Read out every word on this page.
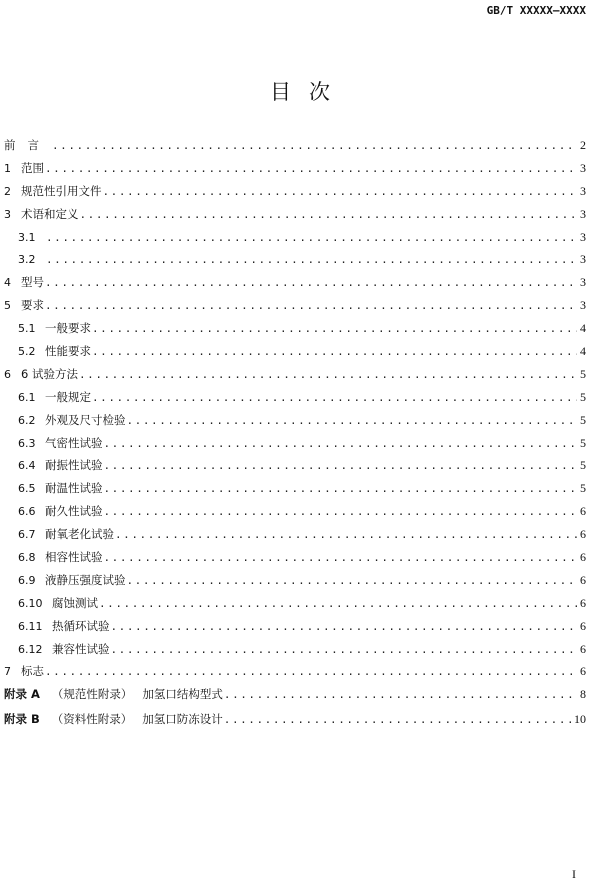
GB/T XXXXX—XXXX
目次
前言 .....	2
1 范围 .....	3
2 规范性引用文件 .....	3
3 术语和定义 .....	3
3.1 .....	3
3.2 .....	3
4 型号 .....	3
5 要求 .....	3
5.1 一般要求 .....	4
5.2 性能要求 .....	4
6 6 试验方法 .....	5
6.1 一般规定 .....	5
6.2 外观及尺寸检验 .....	5
6.3 气密性试验 .....	5
6.4 耐振性试验 .....	5
6.5 耐温性试验 .....	5
6.6 耐久性试验 .....	6
6.7 耐氧老化试验 .....	6
6.8 相容性试验 .....	6
6.9 液静压强度试验 .....	6
6.10 腐蚀测试 .....	6
6.11 热循环试验 .....	6
6.12 兼容性试验 .....	6
7 标志 .....	6
附录 A （规范性附录） 加氢口结构型式 .....	8
附录 B （资料性附录） 加氢口防冻设计 .....	10
I
